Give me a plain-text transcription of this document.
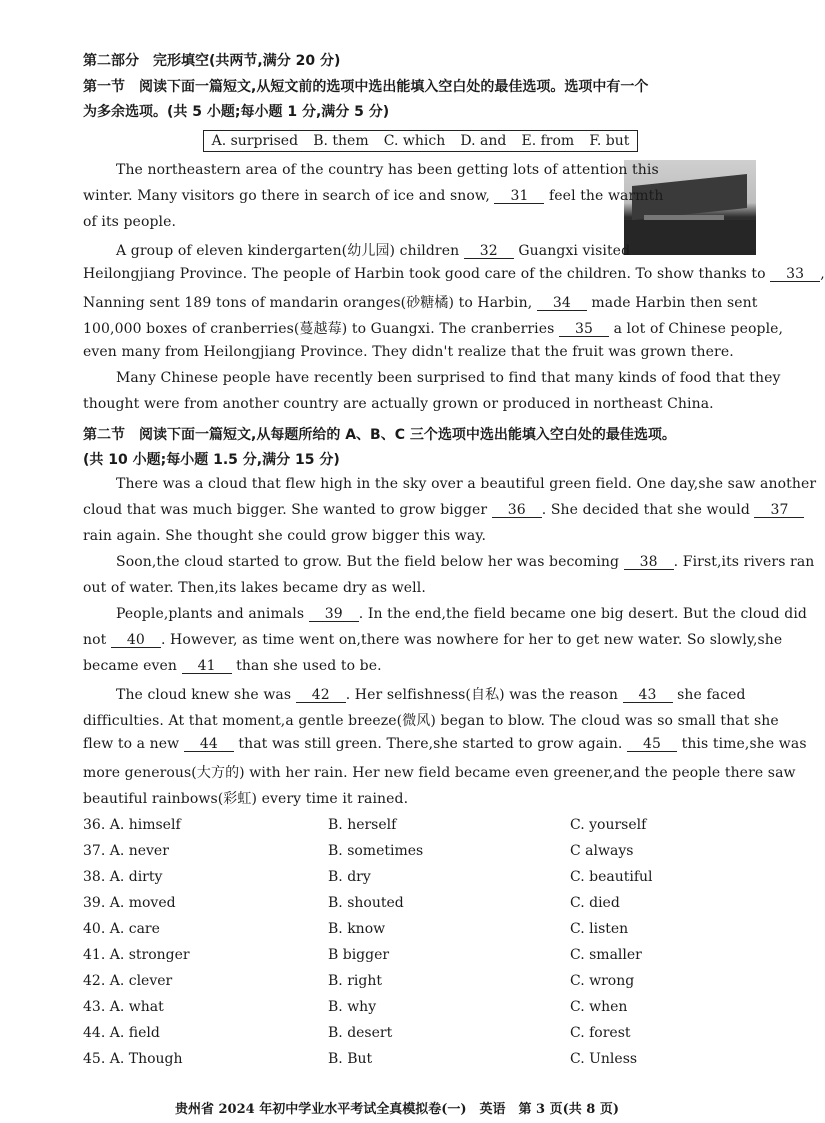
第二部分　完形填空(共两节,满分 20 分)
第一节　阅读下面一篇短文,从短文前的选项中选出能填入空白处的最佳选项。选项中有一个
为多余选项。(共 5 小题;每小题 1 分,满分 5 分)
A. surprised B. them C. which D. and E. from F. but
The northeastern area of the country has been getting lots of attention this
winter. Many visitors go there in search of ice and snow, 31 feel the warmth
of its people.
A group of eleven kindergarten(幼儿园) children 32 Guangxi visited
Heilongjiang Province. The people of Harbin took good care of the children. To show thanks to 33 ,
Nanning sent 189 tons of mandarin oranges(砂糖橘) to Harbin, 34 made Harbin then sent
100,000 boxes of cranberries(蔓越莓) to Guangxi. The cranberries 35 a lot of Chinese people,
even many from Heilongjiang Province. They didn't realize that the fruit was grown there.
Many Chinese people have recently been surprised to find that many kinds of food that they
thought were from another country are actually grown or produced in northeast China.
第二节　阅读下面一篇短文,从每题所给的 A、B、C 三个选项中选出能填入空白处的最佳选项。
(共 10 小题;每小题 1.5 分,满分 15 分)
There was a cloud that flew high in the sky over a beautiful green field. One day,she saw another
cloud that was much bigger. She wanted to grow bigger 36 . She decided that she would 37
rain again. She thought she could grow bigger this way.
Soon,the cloud started to grow. But the field below her was becoming 38 . First,its rivers ran
out of water. Then,its lakes became dry as well.
People,plants and animals 39 . In the end,the field became one big desert. But the cloud did
not 40 . However, as time went on,there was nowhere for her to get new water. So slowly,she
became even 41 than she used to be.
The cloud knew she was 42 . Her selfishness(自私) was the reason 43 she faced
difficulties. At that moment,a gentle breeze(微风) began to blow. The cloud was so small that she
flew to a new 44 that was still green. There,she started to grow again. 45 this time,she was
more generous(大方的) with her rain. Her new field became even greener,and the people there saw
beautiful rainbows(彩虹) every time it rained.
36. A. himself	B. herself	C. yourself
37. A. never	B. sometimes	C always
38. A. dirty	B. dry	C. beautiful
39. A. moved	B. shouted	C. died
40. A. care	B. know	C. listen
41. A. stronger	B bigger	C. smaller
42. A. clever	B. right	C. wrong
43. A. what	B. why	C. when
44. A. field	B. desert	C. forest
45. A. Though	B. But	C. Unless
贵州省 2024 年初中学业水平考试全真模拟卷(一)　英语　第 3 页(共 8 页)
